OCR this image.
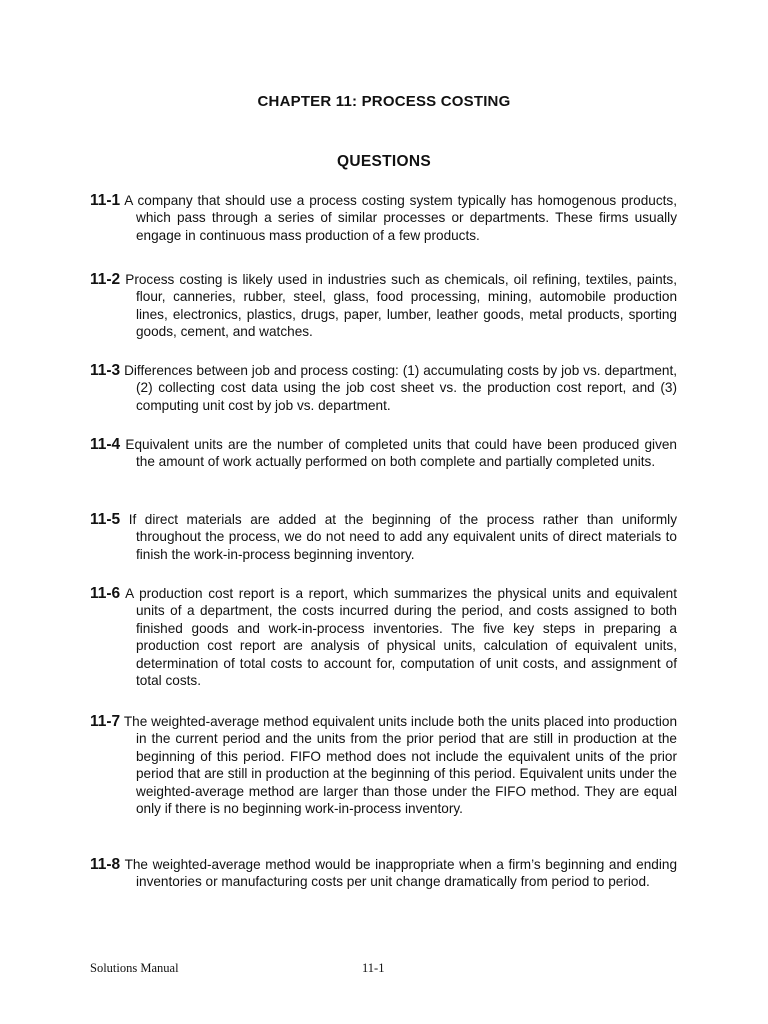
CHAPTER 11: PROCESS COSTING
QUESTIONS
11-1 A company that should use a process costing system typically has homogenous products, which pass through a series of similar processes or departments. These firms usually engage in continuous mass production of a few products.
11-2 Process costing is likely used in industries such as chemicals, oil refining, textiles, paints, flour, canneries, rubber, steel, glass, food processing, mining, automobile production lines, electronics, plastics, drugs, paper, lumber, leather goods, metal products, sporting goods, cement, and watches.
11-3 Differences between job and process costing: (1) accumulating costs by job vs. department, (2) collecting cost data using the job cost sheet vs. the production cost report, and (3) computing unit cost by job vs. department.
11-4 Equivalent units are the number of completed units that could have been produced given the amount of work actually performed on both complete and partially completed units.
11-5 If direct materials are added at the beginning of the process rather than uniformly throughout the process, we do not need to add any equivalent units of direct materials to finish the work-in-process beginning inventory.
11-6 A production cost report is a report, which summarizes the physical units and equivalent units of a department, the costs incurred during the period, and costs assigned to both finished goods and work-in-process inventories. The five key steps in preparing a production cost report are analysis of physical units, calculation of equivalent units, determination of total costs to account for, computation of unit costs, and assignment of total costs.
11-7 The weighted-average method equivalent units include both the units placed into production in the current period and the units from the prior period that are still in production at the beginning of this period. FIFO method does not include the equivalent units of the prior period that are still in production at the beginning of this period. Equivalent units under the weighted-average method are larger than those under the FIFO method. They are equal only if there is no beginning work-in-process inventory.
11-8 The weighted-average method would be inappropriate when a firm’s beginning and ending inventories or manufacturing costs per unit change dramatically from period to period.
Solutions Manual	11-1
